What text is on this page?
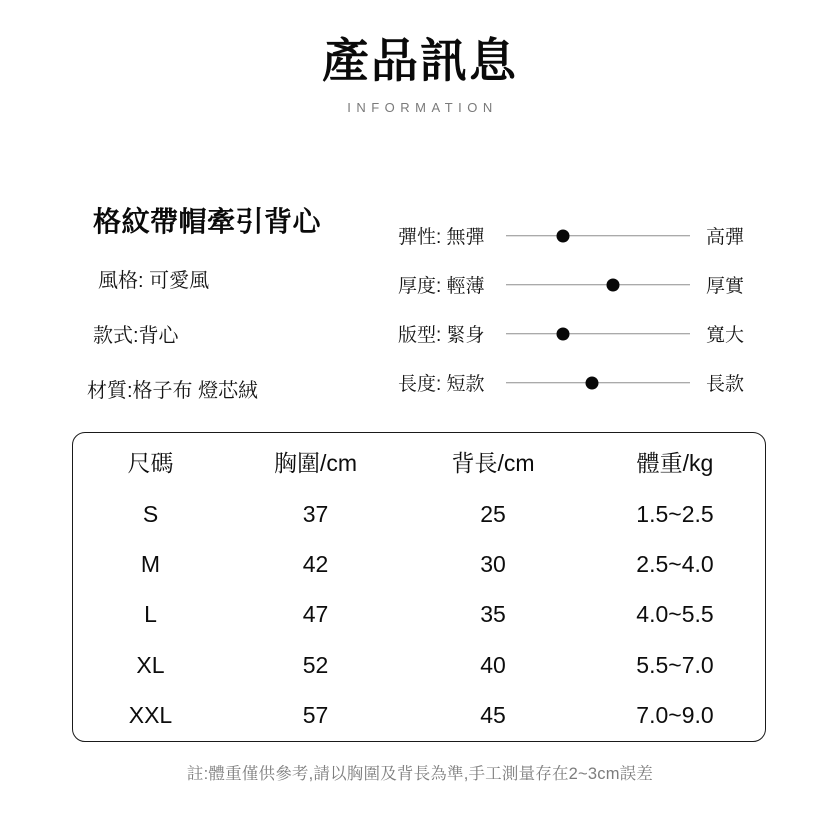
產品訊息
INFORMATION
格紋帶帽牽引背心
風格: 可愛風
款式:背心
材質:格子布 燈芯絨
彈性: 無彈	高彈
厚度: 輕薄	厚實
版型: 緊身	寬大
長度: 短款	長款
尺碼	胸圍/cm	背長/cm	體重/kg
S	37	25	1.5~2.5
M	42	30	2.5~4.0
L	47	35	4.0~5.5
XL	52	40	5.5~7.0
XXL	57	45	7.0~9.0
註:體重僅供參考,請以胸圍及背長為準,手工測量存在2~3cm誤差
